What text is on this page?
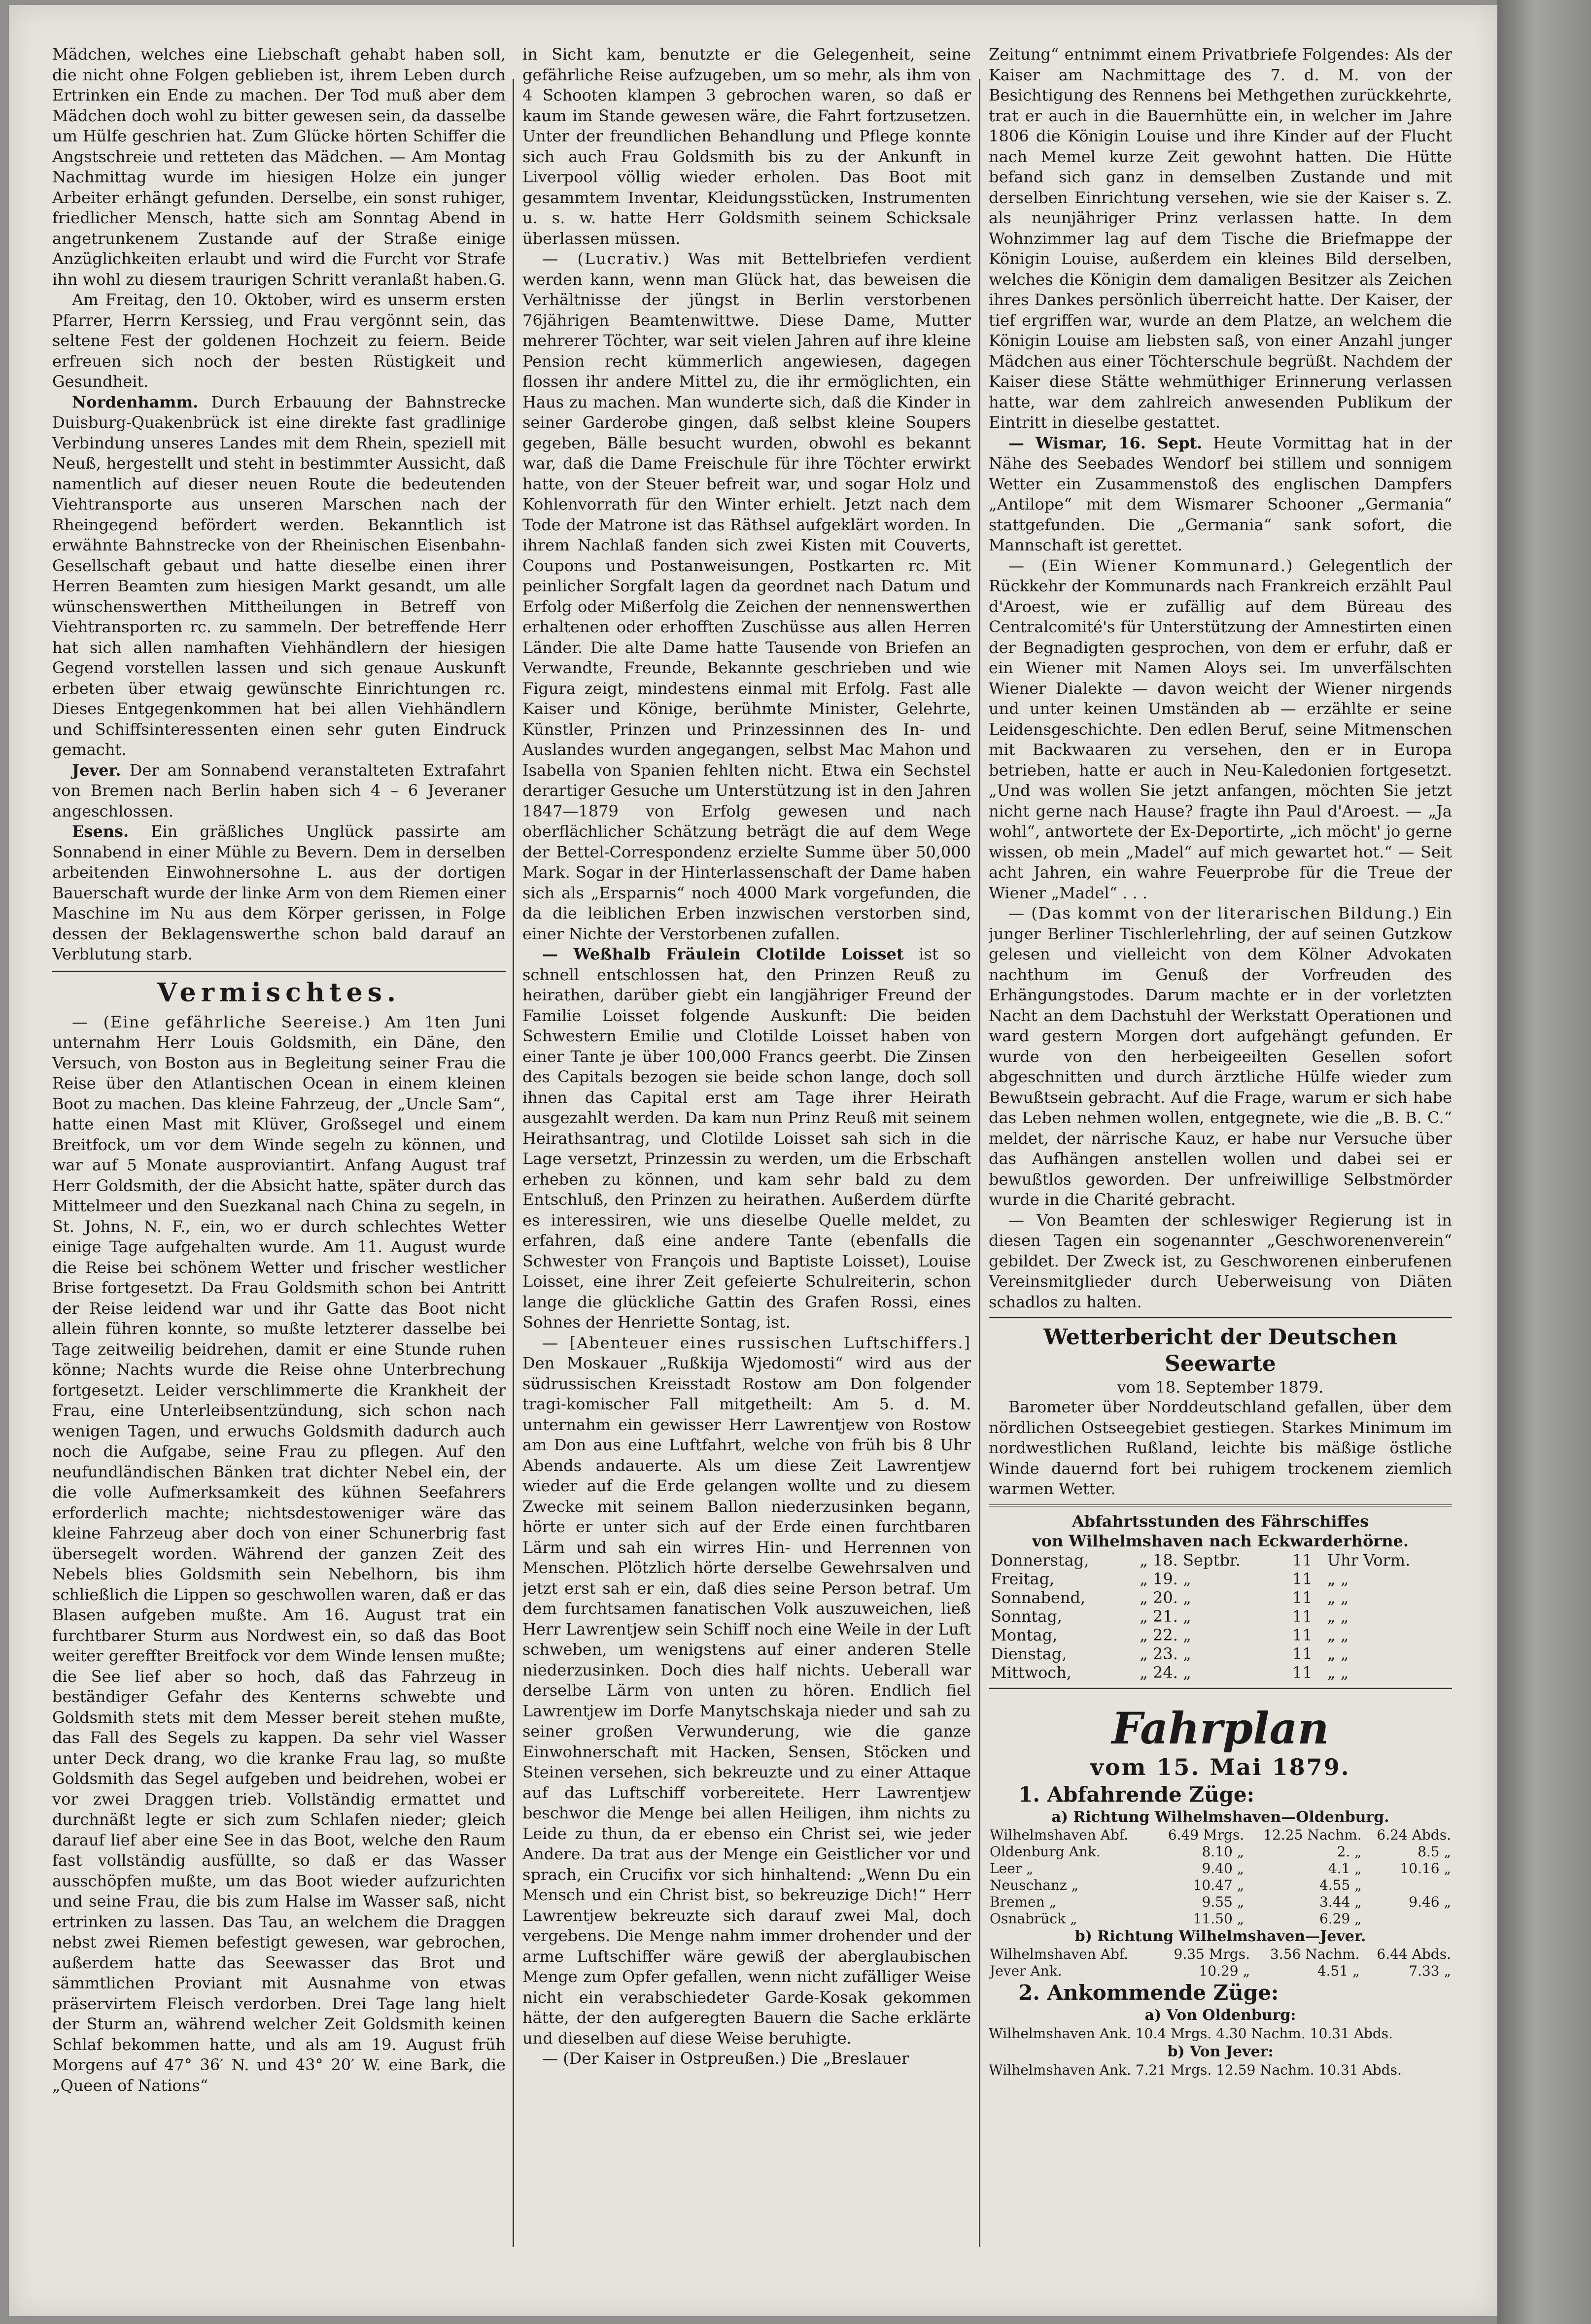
Mädchen, welches eine Liebschaft gehabt haben soll, die nicht ohne Folgen geblieben ist, ihrem Leben durch Ertrinken ein Ende zu machen. Der Tod muß aber dem Mädchen doch wohl zu bitter gewesen sein, da dasselbe um Hülfe geschrien hat. Zum Glücke hörten Schiffer die Angstschreie und retteten das Mädchen. — Am Montag Nachmittag wurde im hiesigen Holze ein junger Arbeiter erhängt gefunden. Derselbe, ein sonst ruhiger, friedlicher Mensch, hatte sich am Sonntag Abend in angetrunkenem Zustande auf der Straße einige Anzüglichkeiten erlaubt und wird die Furcht vor Strafe ihn wohl zu diesem traurigen Schritt veranlaßt haben. G.

Am Freitag, den 10. Oktober, wird es unserm ersten Pfarrer, Herrn Kerssieg, und Frau vergönnt sein, das seltene Fest der goldenen Hochzeit zu feiern. Beide erfreuen sich noch der besten Rüstigkeit und Gesundheit.

Nordenhamm. Durch Erbauung der Bahnstrecke Duisburg-Quakenbrück ist eine direkte fast gradlinige Verbindung unseres Landes mit dem Rhein, speziell mit Neuß, hergestellt und steht in bestimmter Aussicht, daß namentlich auf dieser neuen Route die bedeutenden Viehtransporte aus unseren Marschen nach der Rheingegend befördert werden. Bekanntlich ist erwähnte Bahnstrecke von der Rheinischen Eisenbahn-Gesellschaft gebaut und hatte dieselbe einen ihrer Herren Beamten zum hiesigen Markt gesandt, um alle wünschenswerthen Mittheilungen in Betreff von Viehtransporten rc. zu sammeln. Der betreffende Herr hat sich allen namhaften Viehhändlern der hiesigen Gegend vorstellen lassen und sich genaue Auskunft erbeten über etwaig gewünschte Einrichtungen rc. Dieses Entgegenkommen hat bei allen Viehhändlern und Schiffsinteressenten einen sehr guten Eindruck gemacht.

Jever. Der am Sonnabend veranstalteten Extrafahrt von Bremen nach Berlin haben sich 4 – 6 Jeveraner angeschlossen.

Esens. Ein gräßliches Unglück passirte am Sonnabend in einer Mühle zu Bevern. Dem in derselben arbeitenden Einwohnersohne L. aus der dortigen Bauerschaft wurde der linke Arm von dem Riemen einer Maschine im Nu aus dem Körper gerissen, in Folge dessen der Beklagenswerthe schon bald darauf an Verblutung starb.

Vermischtes.

— (Eine gefährliche Seereise.) Am 1ten Juni unternahm Herr Louis Goldsmith, ein Däne, den Versuch, von Boston aus in Begleitung seiner Frau die Reise über den Atlantischen Ocean in einem kleinen Boot zu machen. Das kleine Fahrzeug, der „Uncle Sam“, hatte einen Mast mit Klüver, Großsegel und einem Breitfock, um vor dem Winde segeln zu können, und war auf 5 Monate ausproviantirt. Anfang August traf Herr Goldsmith, der die Absicht hatte, später durch das Mittelmeer und den Suezkanal nach China zu segeln, in St. Johns, N. F., ein, wo er durch schlechtes Wetter einige Tage aufgehalten wurde. Am 11. August wurde die Reise bei schönem Wetter und frischer westlicher Brise fortgesetzt. Da Frau Goldsmith schon bei Antritt der Reise leidend war und ihr Gatte das Boot nicht allein führen konnte, so mußte letzterer dasselbe bei Tage zeitweilig beidrehen, damit er eine Stunde ruhen könne; Nachts wurde die Reise ohne Unterbrechung fortgesetzt. Leider verschlimmerte die Krankheit der Frau, eine Unterleibsentzündung, sich schon nach wenigen Tagen, und erwuchs Goldsmith dadurch auch noch die Aufgabe, seine Frau zu pflegen. Auf den neufundländischen Bänken trat dichter Nebel ein, der die volle Aufmerksamkeit des kühnen Seefahrers erforderlich machte; nichtsdestoweniger wäre das kleine Fahrzeug aber doch von einer Schunerbrig fast übersegelt worden. Während der ganzen Zeit des Nebels blies Goldsmith sein Nebelhorn, bis ihm schließlich die Lippen so geschwollen waren, daß er das Blasen aufgeben mußte. Am 16. August trat ein furchtbarer Sturm aus Nordwest ein, so daß das Boot weiter gereffter Breitfock vor dem Winde lensen mußte; die See lief aber so hoch, daß das Fahrzeug in beständiger Gefahr des Kenterns schwebte und Goldsmith stets mit dem Messer bereit stehen mußte, das Fall des Segels zu kappen. Da sehr viel Wasser unter Deck drang, wo die kranke Frau lag, so mußte Goldsmith das Segel aufgeben und beidrehen, wobei er vor zwei Draggen trieb. Vollständig ermattet und durchnäßt legte er sich zum Schlafen nieder; gleich darauf lief aber eine See in das Boot, welche den Raum fast vollständig ausfüllte, so daß er das Wasser ausschöpfen mußte, um das Boot wieder aufzurichten und seine Frau, die bis zum Halse im Wasser saß, nicht ertrinken zu lassen. Das Tau, an welchem die Draggen nebst zwei Riemen befestigt gewesen, war gebrochen, außerdem hatte das Seewasser das Brot und sämmtlichen Proviant mit Ausnahme von etwas präservirtem Fleisch verdorben. Drei Tage lang hielt der Sturm an, während welcher Zeit Goldsmith keinen Schlaf bekommen hatte, und als am 19. August früh Morgens auf 47° 36′ N. und 43° 20′ W. eine Bark, die „Queen of Nations“

in Sicht kam, benutzte er die Gelegenheit, seine gefährliche Reise aufzugeben, um so mehr, als ihm von 4 Schooten klampen 3 gebrochen waren, so daß er kaum im Stande gewesen wäre, die Fahrt fortzusetzen. Unter der freundlichen Behandlung und Pflege konnte sich auch Frau Goldsmith bis zu der Ankunft in Liverpool völlig wieder erholen. Das Boot mit gesammtem Inventar, Kleidungsstücken, Instrumenten u. s. w. hatte Herr Goldsmith seinem Schicksale überlassen müssen.

— (Lucrativ.) Was mit Bettelbriefen verdient werden kann, wenn man Glück hat, das beweisen die Verhältnisse der jüngst in Berlin verstorbenen 76jährigen Beamtenwittwe. Diese Dame, Mutter mehrerer Töchter, war seit vielen Jahren auf ihre kleine Pension recht kümmerlich angewiesen, dagegen flossen ihr andere Mittel zu, die ihr ermöglichten, ein Haus zu machen. Man wunderte sich, daß die Kinder in seiner Garderobe gingen, daß selbst kleine Soupers gegeben, Bälle besucht wurden, obwohl es bekannt war, daß die Dame Freischule für ihre Töchter erwirkt hatte, von der Steuer befreit war, und sogar Holz und Kohlenvorrath für den Winter erhielt. Jetzt nach dem Tode der Matrone ist das Räthsel aufgeklärt worden. In ihrem Nachlaß fanden sich zwei Kisten mit Couverts, Coupons und Postanweisungen, Postkarten rc. Mit peinlicher Sorgfalt lagen da geordnet nach Datum und Erfolg oder Mißerfolg die Zeichen der nennenswerthen erhaltenen oder erhofften Zuschüsse aus allen Herren Länder. Die alte Dame hatte Tausende von Briefen an Verwandte, Freunde, Bekannte geschrieben und wie Figura zeigt, mindestens einmal mit Erfolg. Fast alle Kaiser und Könige, berühmte Minister, Gelehrte, Künstler, Prinzen und Prinzessinnen des In- und Auslandes wurden angegangen, selbst Mac Mahon und Isabella von Spanien fehlten nicht. Etwa ein Sechstel derartiger Gesuche um Unterstützung ist in den Jahren 1847—1879 von Erfolg gewesen und nach oberflächlicher Schätzung beträgt die auf dem Wege der Bettel-Correspondenz erzielte Summe über 50,000 Mark. Sogar in der Hinterlassenschaft der Dame haben sich als „Ersparnis“ noch 4000 Mark vorgefunden, die da die leiblichen Erben inzwischen verstorben sind, einer Nichte der Verstorbenen zufallen.

— Weßhalb Fräulein Clotilde Loisset ist so schnell entschlossen hat, den Prinzen Reuß zu heirathen, darüber giebt ein langjähriger Freund der Familie Loisset folgende Auskunft: Die beiden Schwestern Emilie und Clotilde Loisset haben von einer Tante je über 100,000 Francs geerbt. Die Zinsen des Capitals bezogen sie beide schon lange, doch soll ihnen das Capital erst am Tage ihrer Heirath ausgezahlt werden. Da kam nun Prinz Reuß mit seinem Heirathsantrag, und Clotilde Loisset sah sich in die Lage versetzt, Prinzessin zu werden, um die Erbschaft erheben zu können, und kam sehr bald zu dem Entschluß, den Prinzen zu heirathen. Außerdem dürfte es interessiren, wie uns dieselbe Quelle meldet, zu erfahren, daß eine andere Tante (ebenfalls die Schwester von François und Baptiste Loisset), Louise Loisset, eine ihrer Zeit gefeierte Schulreiterin, schon lange die glückliche Gattin des Grafen Rossi, eines Sohnes der Henriette Sontag, ist.

— [Abenteuer eines russischen Luftschiffers.] Den Moskauer „Rußkija Wjedomosti“ wird aus der südrussischen Kreisstadt Rostow am Don folgender tragi-komischer Fall mitgetheilt: Am 5. d. M. unternahm ein gewisser Herr Lawrentjew von Rostow am Don aus eine Luftfahrt, welche von früh bis 8 Uhr Abends andauerte. Als um diese Zeit Lawrentjew wieder auf die Erde gelangen wollte und zu diesem Zwecke mit seinem Ballon niederzusinken begann, hörte er unter sich auf der Erde einen furchtbaren Lärm und sah ein wirres Hin- und Herrennen von Menschen. Plötzlich hörte derselbe Gewehrsalven und jetzt erst sah er ein, daß dies seine Person betraf. Um dem furchtsamen fanatischen Volk auszuweichen, ließ Herr Lawrentjew sein Schiff noch eine Weile in der Luft schweben, um wenigstens auf einer anderen Stelle niederzusinken. Doch dies half nichts. Ueberall war derselbe Lärm von unten zu hören. Endlich fiel Lawrentjew im Dorfe Manytschskaja nieder und sah zu seiner großen Verwunderung, wie die ganze Einwohnerschaft mit Hacken, Sensen, Stöcken und Steinen versehen, sich bekreuzte und zu einer Attaque auf das Luftschiff vorbereitete. Herr Lawrentjew beschwor die Menge bei allen Heiligen, ihm nichts zu Leide zu thun, da er ebenso ein Christ sei, wie jeder Andere. Da trat aus der Menge ein Geistlicher vor und sprach, ein Crucifix vor sich hinhaltend: „Wenn Du ein Mensch und ein Christ bist, so bekreuzige Dich!“ Herr Lawrentjew bekreuzte sich darauf zwei Mal, doch vergebens. Die Menge nahm immer drohender und der arme Luftschiffer wäre gewiß der aberglaubischen Menge zum Opfer gefallen, wenn nicht zufälliger Weise nicht ein verabschiedeter Garde-Kosak gekommen hätte, der den aufgeregten Bauern die Sache erklärte und dieselben auf diese Weise beruhigte.

— (Der Kaiser in Ostpreußen.) Die „Breslauer

Zeitung“ entnimmt einem Privatbriefe Folgendes: Als der Kaiser am Nachmittage des 7. d. M. von der Besichtigung des Rennens bei Methgethen zurückkehrte, trat er auch in die Bauernhütte ein, in welcher im Jahre 1806 die Königin Louise und ihre Kinder auf der Flucht nach Memel kurze Zeit gewohnt hatten. Die Hütte befand sich ganz in demselben Zustande und mit derselben Einrichtung versehen, wie sie der Kaiser s. Z. als neunjähriger Prinz verlassen hatte. In dem Wohnzimmer lag auf dem Tische die Briefmappe der Königin Louise, außerdem ein kleines Bild derselben, welches die Königin dem damaligen Besitzer als Zeichen ihres Dankes persönlich überreicht hatte. Der Kaiser, der tief ergriffen war, wurde an dem Platze, an welchem die Königin Louise am liebsten saß, von einer Anzahl junger Mädchen aus einer Töchterschule begrüßt. Nachdem der Kaiser diese Stätte wehmüthiger Erinnerung verlassen hatte, war dem zahlreich anwesenden Publikum der Eintritt in dieselbe gestattet.

— Wismar, 16. Sept. Heute Vormittag hat in der Nähe des Seebades Wendorf bei stillem und sonnigem Wetter ein Zusammenstoß des englischen Dampfers „Antilope“ mit dem Wismarer Schooner „Germania“ stattgefunden. Die „Germania“ sank sofort, die Mannschaft ist gerettet.

— (Ein Wiener Kommunard.) Gelegentlich der Rückkehr der Kommunards nach Frankreich erzählt Paul d'Aroest, wie er zufällig auf dem Büreau des Centralcomité's für Unterstützung der Amnestirten einen der Begnadigten gesprochen, von dem er erfuhr, daß er ein Wiener mit Namen Aloys sei. Im unverfälschten Wiener Dialekte — davon weicht der Wiener nirgends und unter keinen Umständen ab — erzählte er seine Leidensgeschichte. Den edlen Beruf, seine Mitmenschen mit Backwaaren zu versehen, den er in Europa betrieben, hatte er auch in Neu-Kaledonien fortgesetzt. „Und was wollen Sie jetzt anfangen, möchten Sie jetzt nicht gerne nach Hause? fragte ihn Paul d'Aroest. — „Ja wohl“, antwortete der Ex-Deportirte, „ich möcht' jo gerne wissen, ob mein „Madel“ auf mich gewartet hot.“ — Seit acht Jahren, ein wahre Feuerprobe für die Treue der Wiener „Madel“ . . .

— (Das kommt von der literarischen Bildung.) Ein junger Berliner Tischlerlehrling, der auf seinen Gutzkow gelesen und vielleicht von dem Kölner Advokaten nachthum im Genuß der Vorfreuden des Erhängungstodes. Darum machte er in der vorletzten Nacht an dem Dachstuhl der Werkstatt Operationen und ward gestern Morgen dort aufgehängt gefunden. Er wurde von den herbeigeeilten Gesellen sofort abgeschnitten und durch ärztliche Hülfe wieder zum Bewußtsein gebracht. Auf die Frage, warum er sich habe das Leben nehmen wollen, entgegnete, wie die „B. B. C.“ meldet, der närrische Kauz, er habe nur Versuche über das Aufhängen anstellen wollen und dabei sei er bewußtlos geworden. Der unfreiwillige Selbstmörder wurde in die Charité gebracht.

— Von Beamten der schleswiger Regierung ist in diesen Tagen ein sogenannter „Geschworenenverein“ gebildet. Der Zweck ist, zu Geschworenen einberufenen Vereinsmitglieder durch Ueberweisung von Diäten schadlos zu halten.

Wetterbericht der Deutschen Seewarte
vom 18. September 1879.

Barometer über Norddeutschland gefallen, über dem nördlichen Ostseegebiet gestiegen. Starkes Minimum im nordwestlichen Rußland, leichte bis mäßige östliche Winde dauernd fort bei ruhigem trockenem ziemlich warmen Wetter.

Abfahrtsstunden des Fährschiffes
von Wilhelmshaven nach Eckwarderhörne.
Donnerstag,	„ 18. Septbr.	11	Uhr Vorm.
Freitag,	„ 19. „	11	„ „
Sonnabend,	„ 20. „	11	„ „
Sonntag,	„ 21. „	11	„ „
Montag,	„ 22. „	11	„ „
Dienstag,	„ 23. „	11	„ „
Mittwoch,	„ 24. „	11	„ „
Fahrplan
vom 15. Mai 1879.
1. Abfahrende Züge:
a) Richtung Wilhelmshaven—Oldenburg.
Wilhelmshaven Abf.	6.49 Mrgs.	12.25 Nachm.	6.24 Abds.
Oldenburg Ank.	8.10 „	2. „	8.5 „
Leer „	9.40 „	4.1 „	10.16 „
Neuschanz „	10.47 „	4.55 „	
Bremen „	9.55 „	3.44 „	9.46 „
Osnabrück „	11.50 „	6.29 „	
b) Richtung Wilhelmshaven—Jever.
Wilhelmshaven Abf.	9.35 Mrgs.	3.56 Nachm.	6.44 Abds.
Jever Ank.	10.29 „	4.51 „	7.33 „
2. Ankommende Züge:
a) Von Oldenburg:
Wilhelmshaven Ank. 10.4 Mrgs. 4.30 Nachm. 10.31 Abds.
b) Von Jever:
Wilhelmshaven Ank. 7.21 Mrgs. 12.59 Nachm. 10.31 Abds.
